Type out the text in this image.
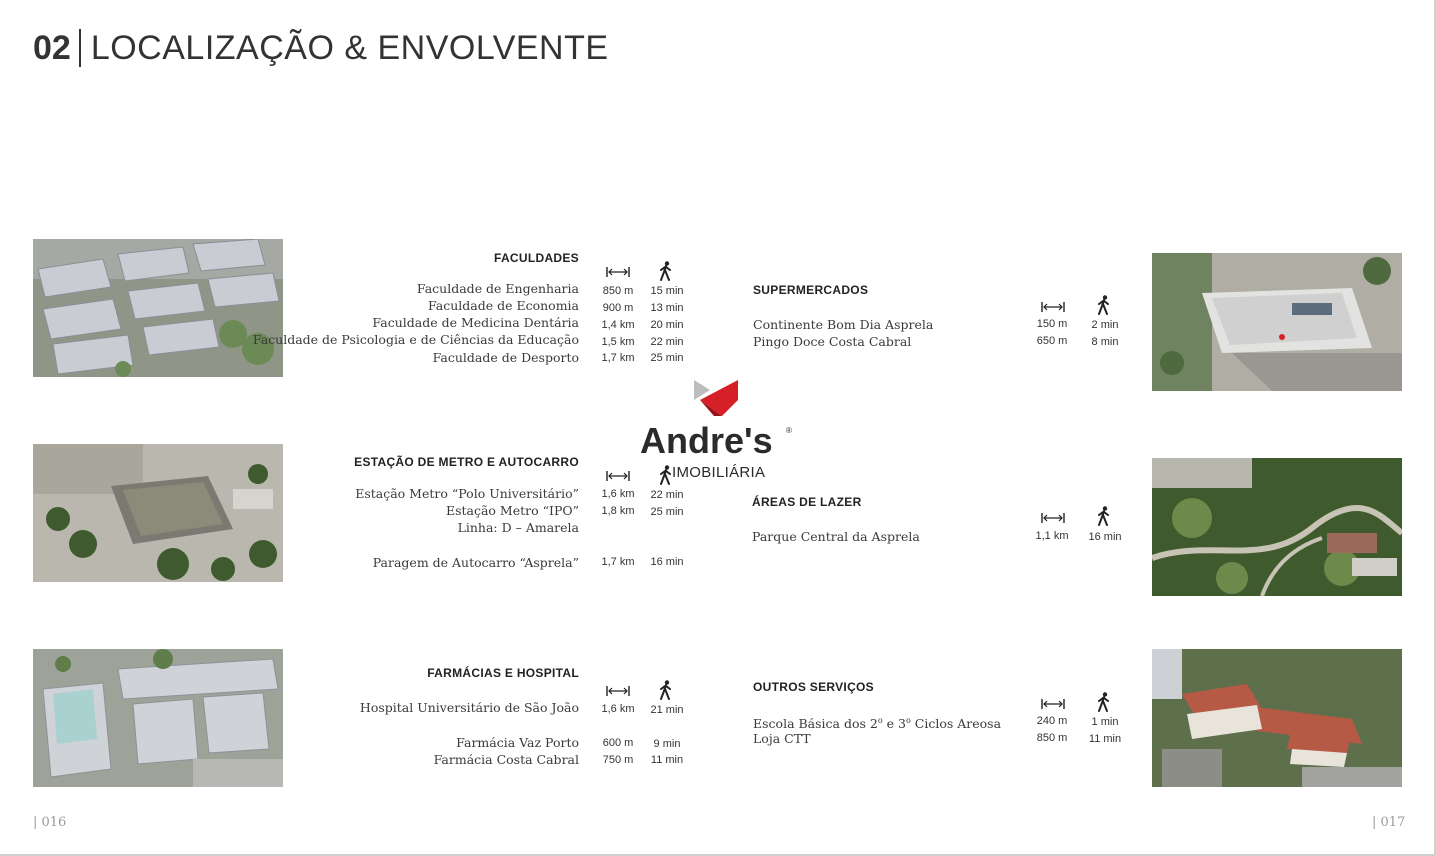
02 LOCALIZAÇÃO & ENVOLVENTE
Andre's ®
IMOBILIÁRIA
FACULDADES
Faculdade de Engenharia	850 m	15 min
Faculdade de Economia	900 m	13 min
Faculdade de Medicina Dentária	1,4 km	20 min
Faculdade de Psicologia e de Ciências da Educação	1,5 km	22 min
Faculdade de Desporto	1,7 km	25 min
ESTAÇÃO DE METRO E AUTOCARRO
Estação Metro “Polo Universitário”	1,6 km	22 min
Estação Metro “IPO”	1,8 km	25 min
Linha: D – Amarela
Paragem de Autocarro “Asprela”	1,7 km	16 min
FARMÁCIAS E HOSPITAL
Hospital Universitário de São João	1,6 km	21 min
Farmácia Vaz Porto	600 m	9 min
Farmácia Costa Cabral	750 m	11 min
SUPERMERCADOS
Continente Bom Dia Asprela	150 m	2 min
Pingo Doce Costa Cabral	650 m	8 min
ÁREAS DE LAZER
Parque Central da Asprela	1,1 km	16 min
OUTROS SERVIÇOS
Escola Básica dos 2$^o$ e 3$^o$ Ciclos Areosa	240 m	1 min
Loja CTT	850 m	11 min
| 016	| 017
